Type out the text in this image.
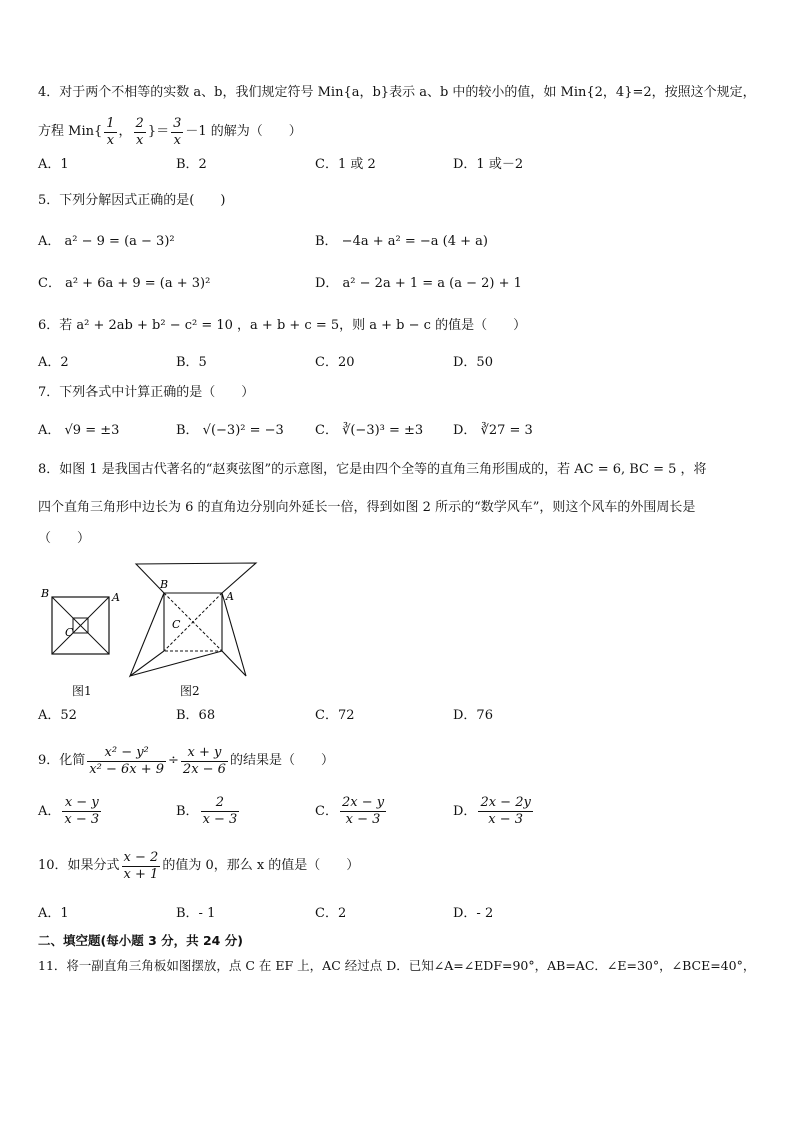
4．对于两个不相等的实数 a、b，我们规定符号 Min{a，b}表示 a、b 中的较小的值，如 Min{2，4}=2，按照这个规定，
方程 $Min\{ \frac{1}{x}$ ， $\frac{2}{x}$ }＝ $\frac{3}{x} -1$ 的解为（　　）
A．1	B．2	C．1 或 2	D．1 或－2
5．下列分解因式正确的是(　　)
A． a² − 9 = (a − 3)²	B． −4a + a² = −a (4 + a)
C． a² + 6a + 9 = (a + 3)²	D． a² − 2a + 1 = a (a − 2) + 1
6．若 a² + 2ab + b² − c² = 10 ，a + b + c = 5，则 a + b − c 的值是（　　）
A．2	B．5	C．20	D．50
7．下列各式中计算正确的是（　　）
A． √9 = ±3	B． √(−3)² = −3 C． ∛(−3)³ = ±3 D． ∛27 = 3
8．如图 1 是我国古代著名的“赵爽弦图”的示意图，它是由四个全等的直角三角形围成的，若 AC = 6, BC = 5 ，将
四个直角三角形中边长为 6 的直角边分别向外延长一倍，得到如图 2 所示的“数学风车”，则这个风车的外围周长是
（　　）
B	A
C
图1
B
A
C
图2
A．52	B．68	C．72	D．76
9．化简 $\frac{\text{x² − y²}}{\text{x² − 6x + 9}} \div \frac{x + y}{2x - 6}$ 的结果是（　　）
A． $\frac{x - y}{x - 3}$	B． $\frac{2}{x - 3}$	C． $\frac{2x - y}{x - 3}$	D． $\frac{2x - 2y}{x - 3}$
10．如果分式 $\frac{x - 2}{x + 1}$ 的值为 0，那么 x 的值是（　　）
A．1	B．- 1	C．2	D．- 2
二、填空题(每小题 3 分，共 24 分)
11．将一副直角三角板如图摆放，点 C 在 EF 上，AC 经过点 D．已知∠A=∠EDF=90°，AB=AC．∠E=30°，∠BCE=40°，
